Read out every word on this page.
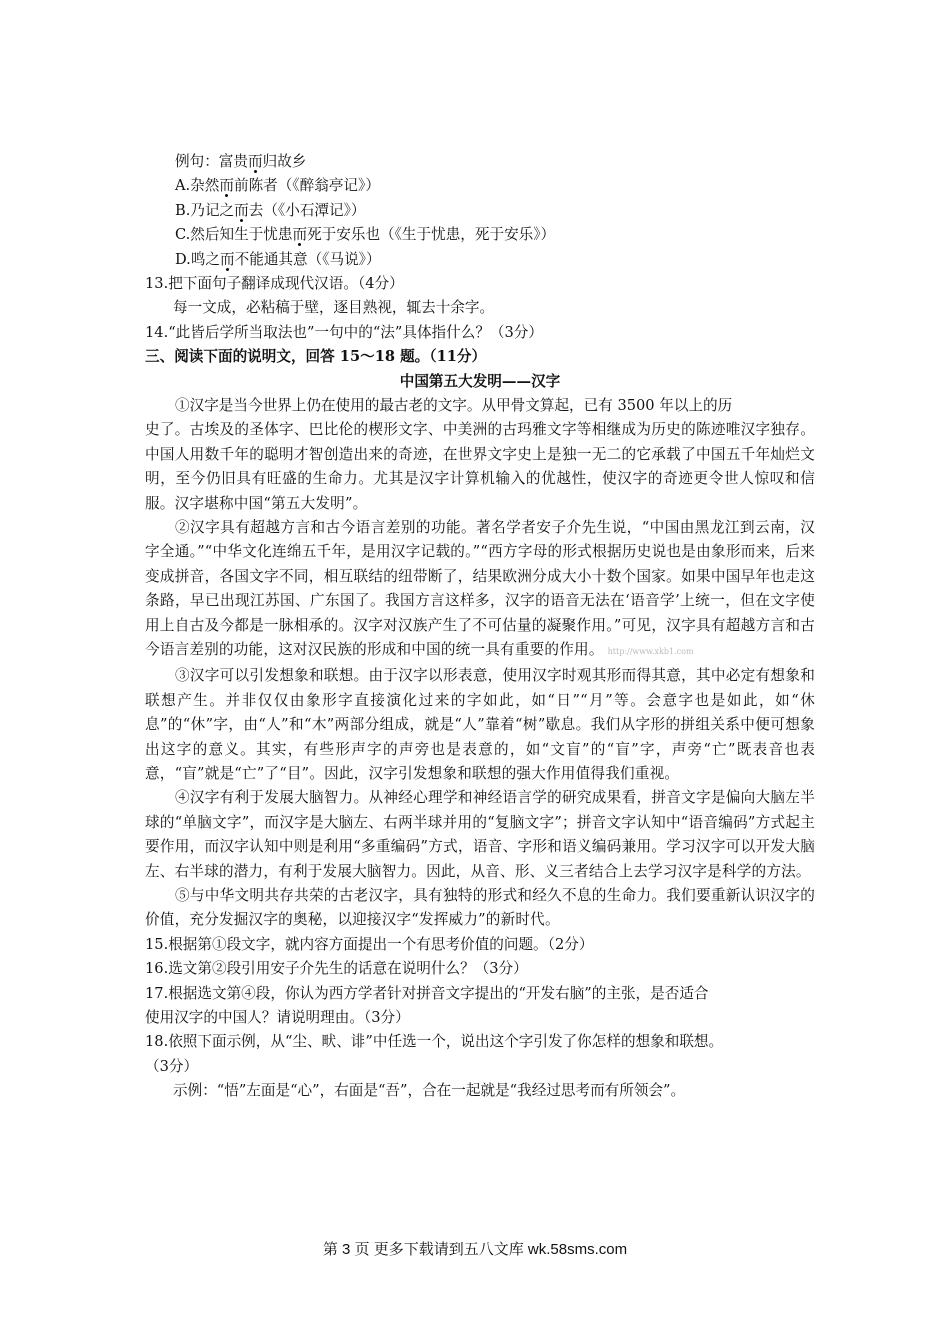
例句：富贵而归故乡
A.杂然而前陈者（《醉翁亭记》）
B.乃记之而去（《小石潭记》）
C.然后知生于忧患而死于安乐也（《生于忧患，死于安乐》）
D.鸣之而不能通其意（《马说》）
13.把下面句子翻译成现代汉语。（4分）
每一文成，必粘稿于壁，逐目熟视，辄去十余字。
14.“此皆后学所当取法也”一句中的“法”具体指什么？（3分）
三、阅读下面的说明文，回答 15～18 题。（11分）
中国第五大发明——汉字
①汉字是当今世界上仍在使用的最古老的文字。从甲骨文算起，已有 3500 年以上的历
史了。古埃及的圣体字、巴比伦的楔形文字、中美洲的古玛雅文字等相继成为历史的陈迹唯汉字独存。中国人用数千年的聪明才智创造出来的奇迹，在世界文字史上是独一无二的它承载了中国五千年灿烂文明，至今仍旧具有旺盛的生命力。尤其是汉字计算机输入的优越性，使汉字的奇迹更令世人惊叹和信服。汉字堪称中国“第五大发明”。
②汉字具有超越方言和古今语言差别的功能。著名学者安子介先生说，“中国由黑龙江到云南，汉字全通。”“中华文化连绵五千年，是用汉字记载的。”“西方字母的形式根据历史说也是由象形而来，后来变成拼音，各国文字不同，相互联结的纽带断了，结果欧洲分成大小十数个国家。如果中国早年也走这条路，早已出现江苏国、广东国了。我国方言这样多，汉字的语音无法在‘语音学’上统一，但在文字使用上自古及今都是一脉相承的。汉字对汉族产生了不可估量的凝聚作用。”可见，汉字具有超越方言和古今语言差别的功能，这对汉民族的形成和中国的统一具有重要的作用。 http://www.xkb1.com
③汉字可以引发想象和联想。由于汉字以形表意，使用汉字时观其形而得其意，其中必定有想象和联想产生。并非仅仅由象形字直接演化过来的字如此，如“日”“月”等。会意字也是如此，如“休息”的“休”字，由“人”和“木”两部分组成，就是“人”靠着“树”歇息。我们从字形的拼组关系中便可想象出这字的意义。其实，有些形声字的声旁也是表意的，如“文盲”的“盲”字，声旁“亡”既表音也表意，“盲”就是“亡”了“目”。因此，汉字引发想象和联想的强大作用值得我们重视。
④汉字有利于发展大脑智力。从神经心理学和神经语言学的研究成果看，拼音文字是偏向大脑左半球的“单脑文字”，而汉字是大脑左、右两半球并用的“复脑文字”；拼音文字认知中“语音编码”方式起主要作用，而汉字认知中则是利用“多重编码”方式，语音、字形和语义编码兼用。学习汉字可以开发大脑左、右半球的潜力，有利于发展大脑智力。因此，从音、形、义三者结合上去学习汉字是科学的方法。
⑤与中华文明共存共荣的古老汉字，具有独特的形式和经久不息的生命力。我们要重新认识汉字的价值，充分发掘汉字的奥秘，以迎接汉字“发挥威力”的新时代。
15.根据第①段文字，就内容方面提出一个有思考价值的问题。（2分）
16.选文第②段引用安子介先生的话意在说明什么？（3分）
17.根据选文第④段，你认为西方学者针对拼音文字提出的“开发右脑”的主张，是否适合
使用汉字的中国人？请说明理由。（3分）
18.依照下面示例，从“尘、畎、诽”中任选一个，说出这个字引发了你怎样的想象和联想。
（3分）
示例：“悟”左面是“心”，右面是“吾”，合在一起就是“我经过思考而有所领会”。
第 3 页 更多下载请到五八文库 wk.58sms.com
